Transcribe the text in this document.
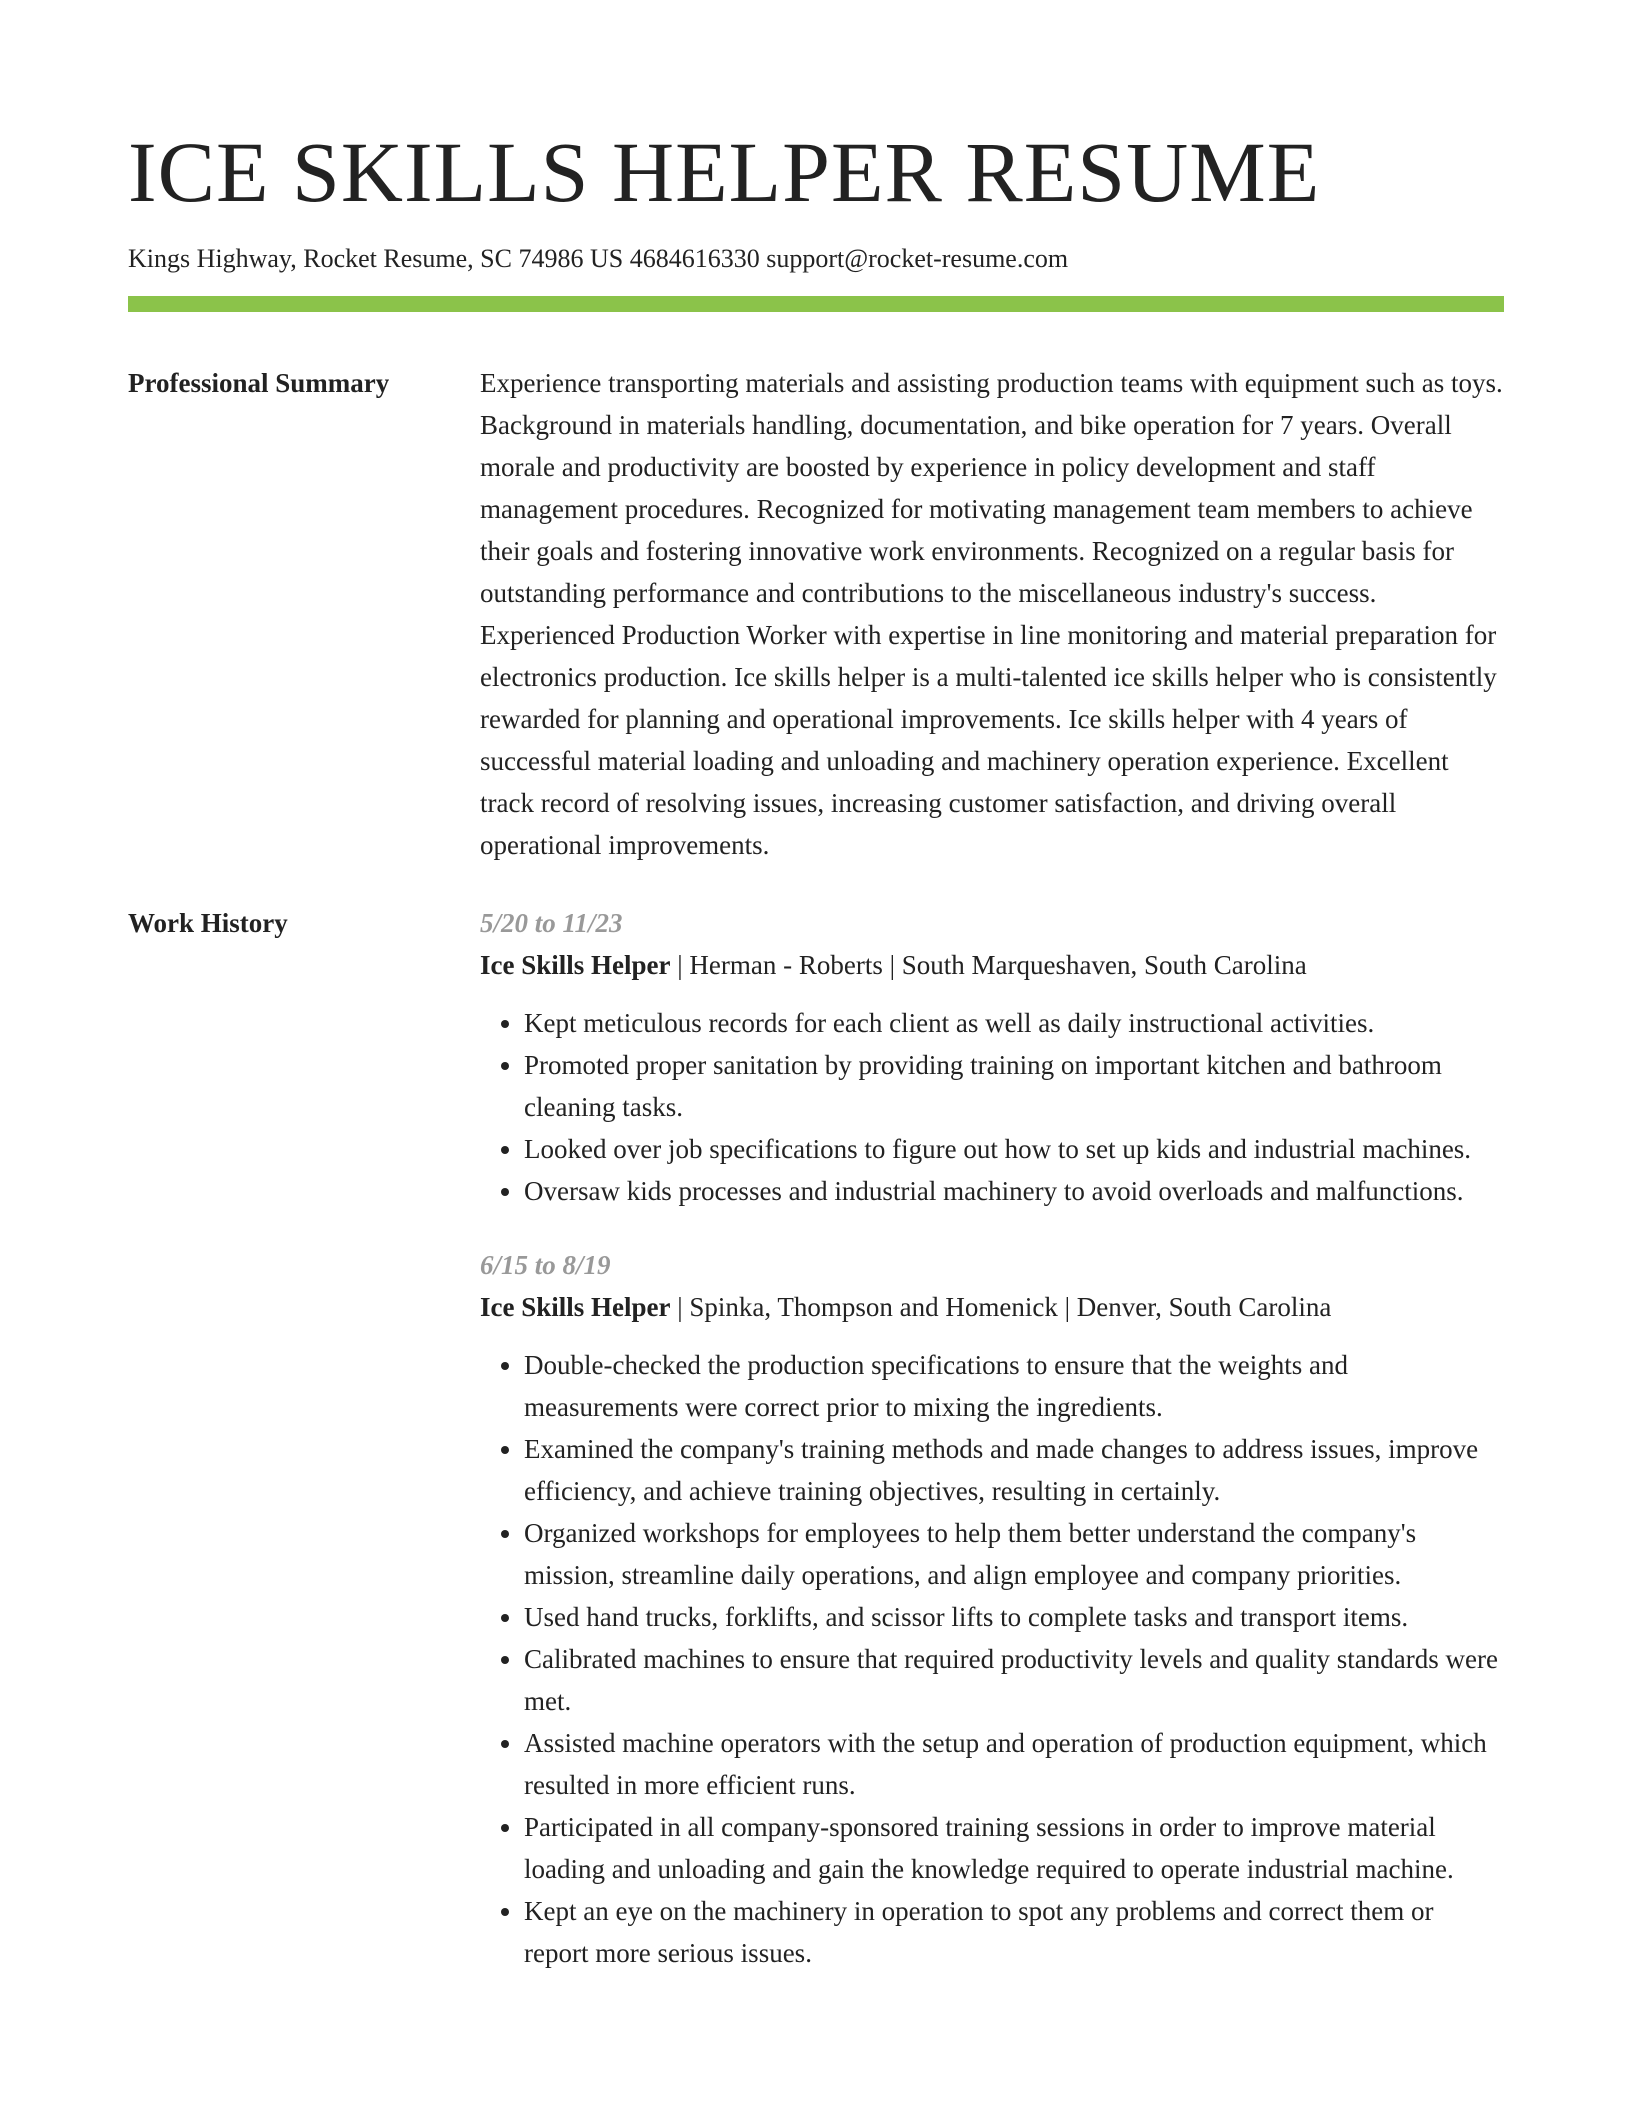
ICE SKILLS HELPER RESUME
Kings Highway, Rocket Resume, SC 74986 US 4684616330 support@rocket-resume.com
Professional Summary	Experience transporting materials and assisting production teams with equipment such as toys. Background in materials handling, documentation, and bike operation for 7 years. Overall morale and productivity are boosted by experience in policy development and staff management procedures. Recognized for motivating management team members to achieve their goals and fostering innovative work environments. Recognized on a regular basis for outstanding performance and contributions to the miscellaneous industry's success. Experienced Production Worker with expertise in line monitoring and material preparation for electronics production. Ice skills helper is a multi-talented ice skills helper who is consistently rewarded for planning and operational improvements. Ice skills helper with 4 years of successful material loading and unloading and machinery operation experience. Excellent track record of resolving issues, increasing customer satisfaction, and driving overall operational improvements.

Work History	5/20 to 11/23
Ice Skills Helper | Herman - Roberts | South Marqueshaven, South Carolina
• Kept meticulous records for each client as well as daily instructional activities.
• Promoted proper sanitation by providing training on important kitchen and bathroom cleaning tasks.
• Looked over job specifications to figure out how to set up kids and industrial machines.
• Oversaw kids processes and industrial machinery to avoid overloads and malfunctions.
6/15 to 8/19
Ice Skills Helper | Spinka, Thompson and Homenick | Denver, South Carolina
• Double-checked the production specifications to ensure that the weights and measurements were correct prior to mixing the ingredients.
• Examined the company's training methods and made changes to address issues, improve efficiency, and achieve training objectives, resulting in certainly.
• Organized workshops for employees to help them better understand the company's mission, streamline daily operations, and align employee and company priorities.
• Used hand trucks, forklifts, and scissor lifts to complete tasks and transport items.
• Calibrated machines to ensure that required productivity levels and quality standards were met.
• Assisted machine operators with the setup and operation of production equipment, which resulted in more efficient runs.
• Participated in all company-sponsored training sessions in order to improve material loading and unloading and gain the knowledge required to operate industrial machine.
• Kept an eye on the machinery in operation to spot any problems and correct them or report more serious issues.
